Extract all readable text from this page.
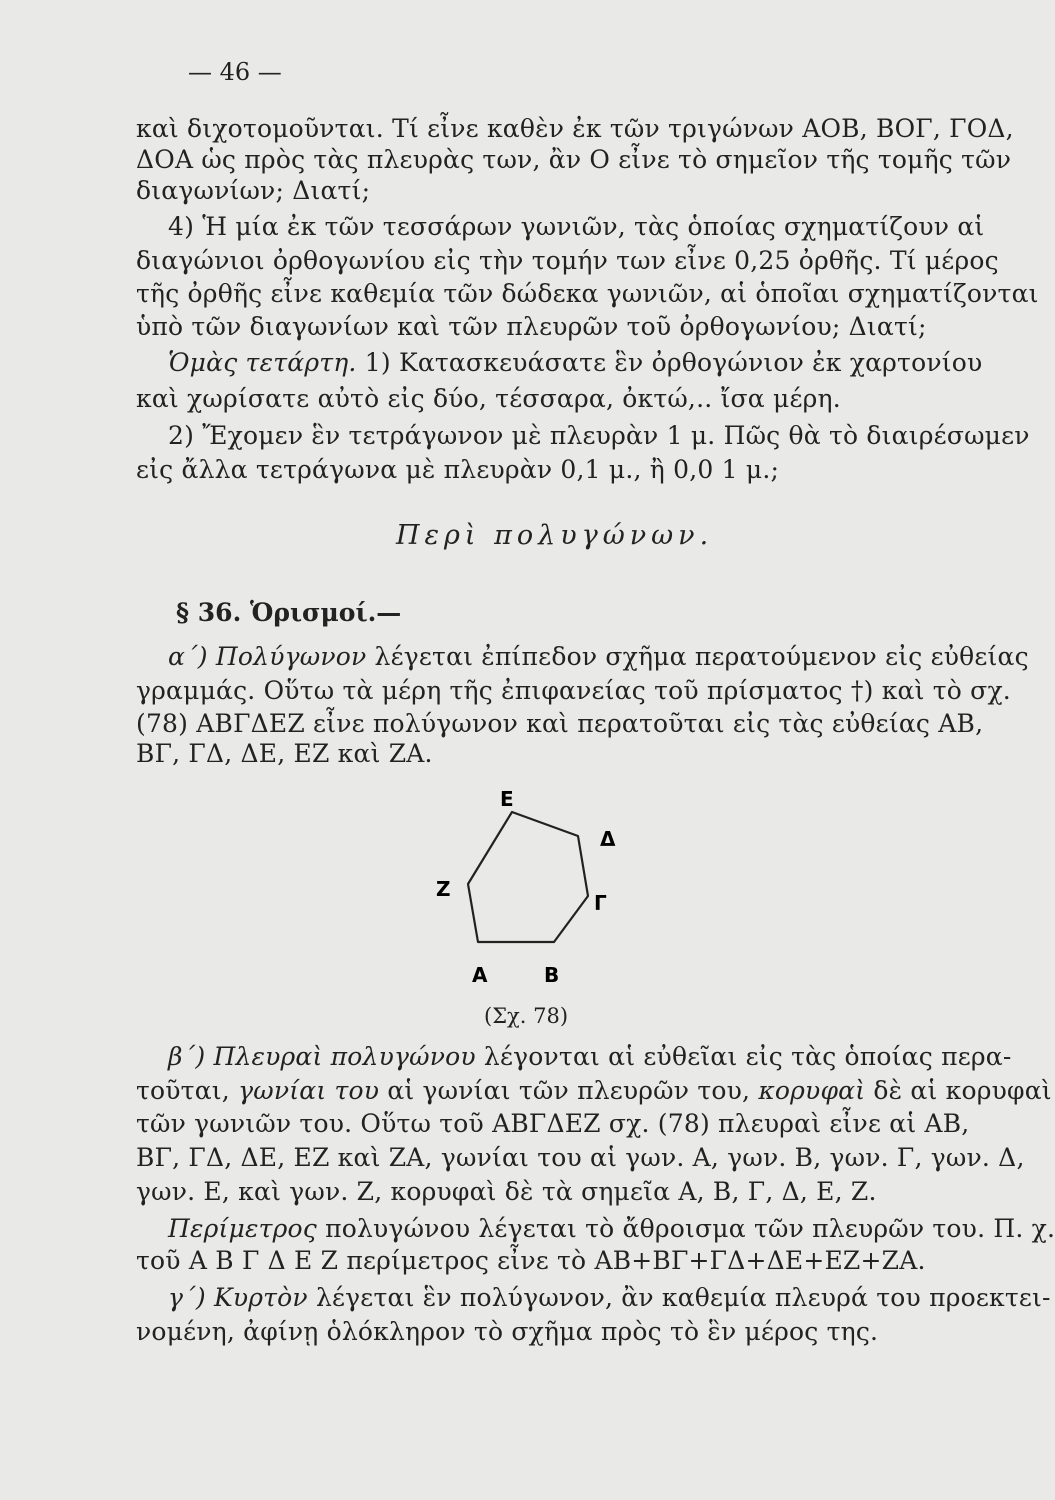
— 46 —
καὶ διχοτομοῦνται. Τί εἶνε καθὲν ἐκ τῶν τριγώνων ΑΟΒ, ΒΟΓ, ΓΟΔ,
ΔΟΑ ὡς πρὸς τὰς πλευρὰς των, ἂν Ο εἶνε τὸ σημεῖον τῆς τομῆς τῶν
διαγωνίων; Διατί;
4) Ἡ μία ἐκ τῶν τεσσάρων γωνιῶν, τὰς ὁποίας σχηματίζουν αἱ
διαγώνιοι ὀρθογωνίου εἰς τὴν τομήν των εἶνε 0,25 ὀρθῆς. Τί μέρος
τῆς ὀρθῆς εἶνε καθεμία τῶν δώδεκα γωνιῶν, αἱ ὁποῖαι σχηματίζονται
ὑπὸ τῶν διαγωνίων καὶ τῶν πλευρῶν τοῦ ὀρθογωνίου; Διατί;
Ὁμὰς τετάρτη. 1) Κατασκευάσατε ἓν ὀρθογώνιον ἐκ χαρτονίου
καὶ χωρίσατε αὐτὸ εἰς δύο, τέσσαρα, ὀκτώ,.. ἴσα μέρη.
2) Ἔχομεν ἓν τετράγωνον μὲ πλευρὰν 1 μ. Πῶς θὰ τὸ διαιρέσωμεν
εἰς ἄλλα τετράγωνα μὲ πλευρὰν 0,1 μ., ἢ 0,0 1 μ.;
Περὶ πολυγώνων.
§ 36. Ὁρισμοί.—
α΄) Πολύγωνον λέγεται ἐπίπεδον σχῆμα περατούμενον εἰς εὐθείας
γραμμάς. Οὕτω τὰ μέρη τῆς ἐπιφανείας τοῦ πρίσματος †) καὶ τὸ σχ.
(78) ΑΒΓΔΕΖ εἶνε πολύγωνον καὶ περατοῦται εἰς τὰς εὐθείας ΑΒ,
ΒΓ, ΓΔ, ΔΕ, ΕΖ καὶ ΖΑ.
E
Δ
Z
Γ
A	B
(Σχ. 78)
β΄) Πλευραὶ πολυγώνου λέγονται αἱ εὐθεῖαι εἰς τὰς ὁποίας περα-
τοῦται, γωνίαι του αἱ γωνίαι τῶν πλευρῶν του, κορυφαὶ δὲ αἱ κορυφαὶ
τῶν γωνιῶν του. Οὕτω τοῦ ΑΒΓΔΕΖ σχ. (78) πλευραὶ εἶνε αἱ ΑΒ,
ΒΓ, ΓΔ, ΔΕ, ΕΖ καὶ ΖΑ, γωνίαι του αἱ γων. Α, γων. Β, γων. Γ, γων. Δ,
γων. Ε, καὶ γων. Ζ, κορυφαὶ δὲ τὰ σημεῖα Α, Β, Γ, Δ, Ε, Ζ.
Περίμετρος πολυγώνου λέγεται τὸ ἄθροισμα τῶν πλευρῶν του. Π. χ.
τοῦ Α Β Γ Δ Ε Ζ περίμετρος εἶνε τὸ ΑΒ+ΒΓ+ΓΔ+ΔΕ+ΕΖ+ΖΑ.
γ΄) Κυρτὸν λέγεται ἓν πολύγωνον, ἂν καθεμία πλευρά του προεκτει-
νομένη, ἀφίνῃ ὁλόκληρον τὸ σχῆμα πρὸς τὸ ἓν μέρος της.
